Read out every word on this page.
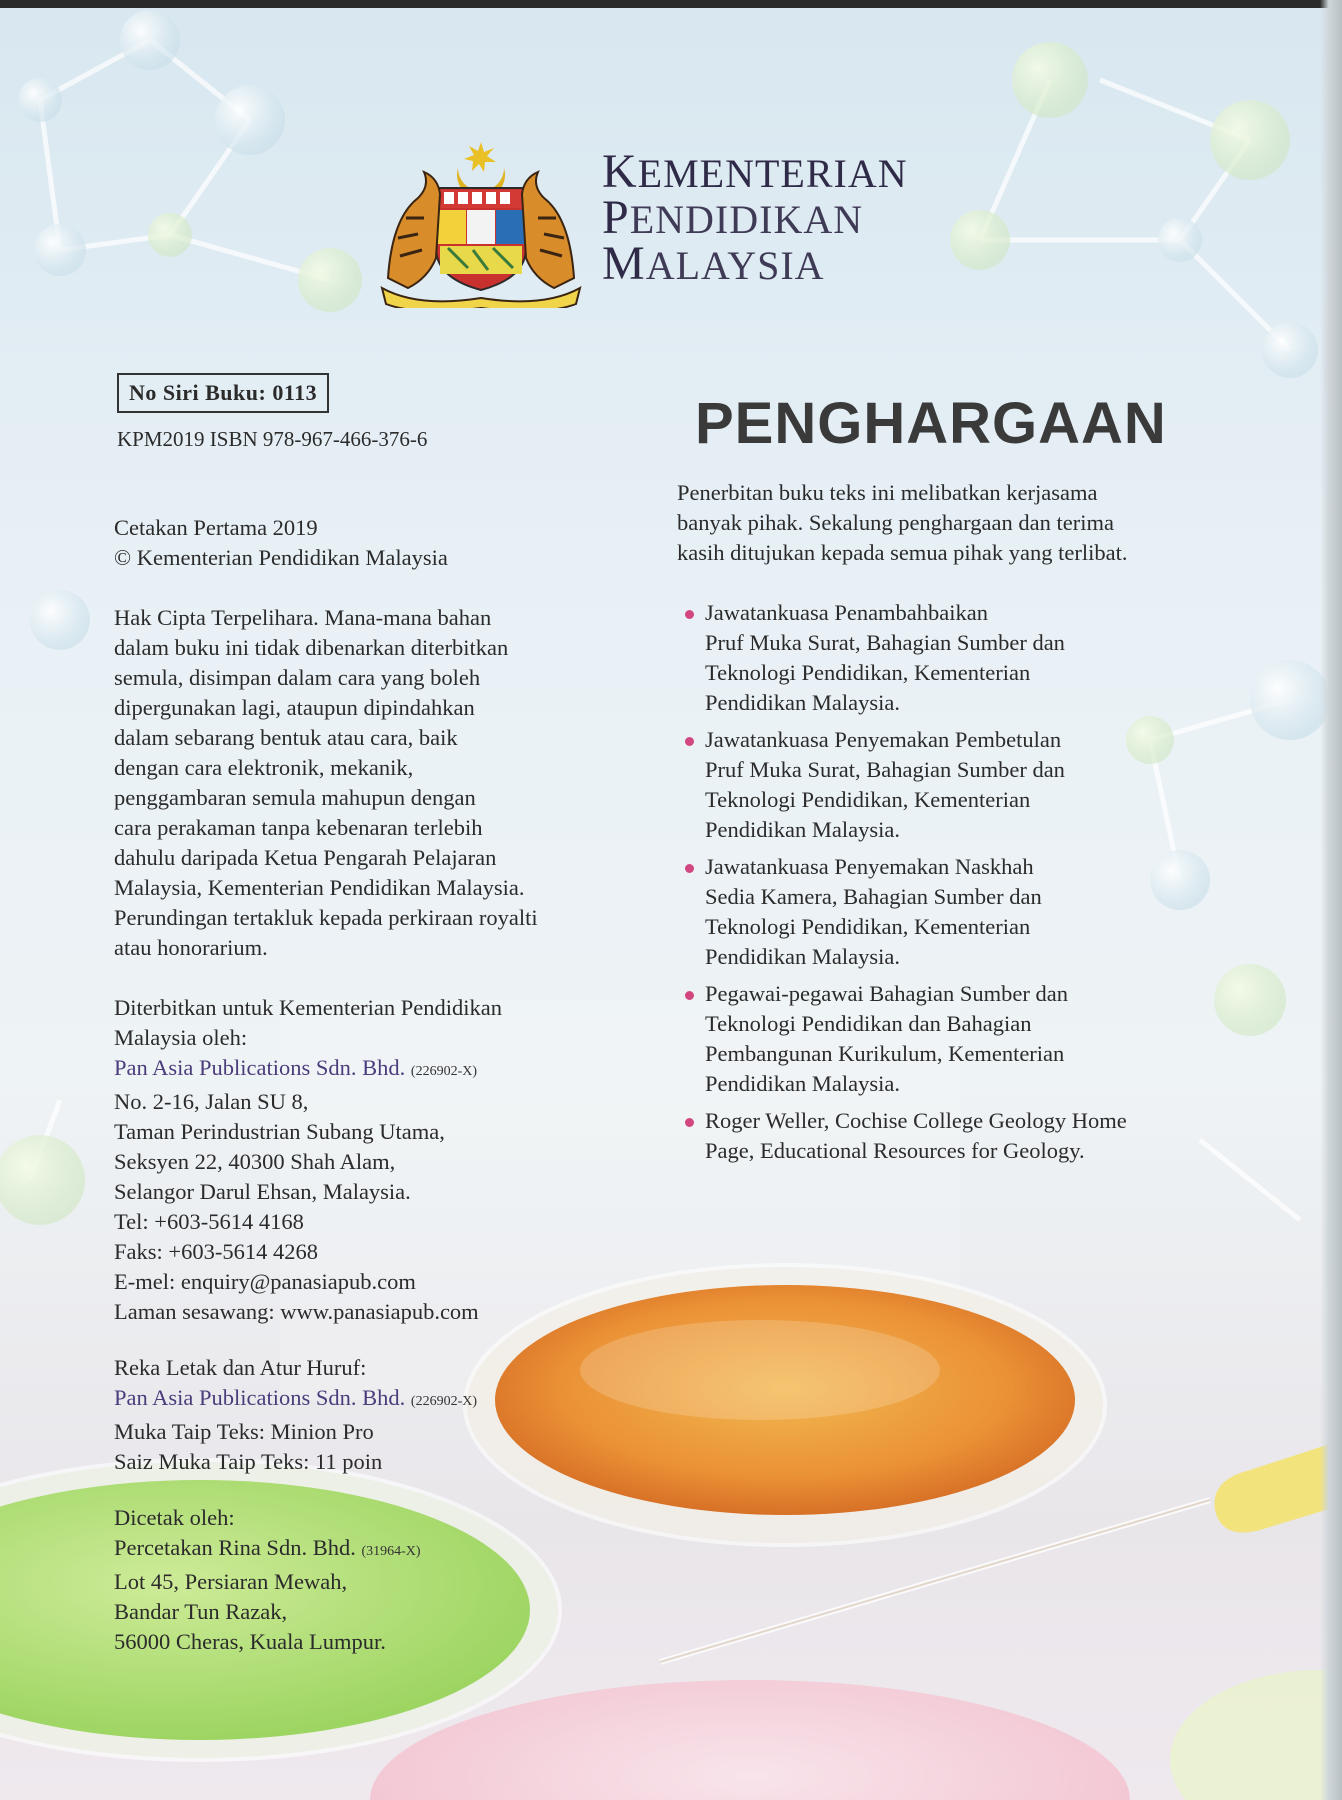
KEMENTERIAN
PENDIDIKAN
MALAYSIA
No Siri Buku: 0113
KPM2019 ISBN 978-967-466-376-6
Cetakan Pertama 2019
© Kementerian Pendidikan Malaysia
Hak Cipta Terpelihara. Mana-mana bahan
dalam buku ini tidak dibenarkan diterbitkan
semula, disimpan dalam cara yang boleh
dipergunakan lagi, ataupun dipindahkan
dalam sebarang bentuk atau cara, baik
dengan cara elektronik, mekanik,
penggambaran semula mahupun dengan
cara perakaman tanpa kebenaran terlebih
dahulu daripada Ketua Pengarah Pelajaran
Malaysia, Kementerian Pendidikan Malaysia.
Perundingan tertakluk kepada perkiraan royalti
atau honorarium.
Diterbitkan untuk Kementerian Pendidikan
Malaysia oleh:
Pan Asia Publications Sdn. Bhd. (226902-X)
No. 2-16, Jalan SU 8,
Taman Perindustrian Subang Utama,
Seksyen 22, 40300 Shah Alam,
Selangor Darul Ehsan, Malaysia.
Tel: +603-5614 4168
Faks: +603-5614 4268
E-mel: enquiry@panasiapub.com
Laman sesawang: www.panasiapub.com
Reka Letak dan Atur Huruf:
Pan Asia Publications Sdn. Bhd. (226902-X)
Muka Taip Teks: Minion Pro
Saiz Muka Taip Teks: 11 poin
Dicetak oleh:
Percetakan Rina Sdn. Bhd. (31964-X)
Lot 45, Persiaran Mewah,
Bandar Tun Razak,
56000 Cheras, Kuala Lumpur.
PENGHARGAAN
Penerbitan buku teks ini melibatkan kerjasama
banyak pihak. Sekalung penghargaan dan terima
kasih ditujukan kepada semua pihak yang terlibat.
Jawatankuasa Penambahbaikan
Pruf Muka Surat, Bahagian Sumber dan
Teknologi Pendidikan, Kementerian
Pendidikan Malaysia.
Jawatankuasa Penyemakan Pembetulan
Pruf Muka Surat, Bahagian Sumber dan
Teknologi Pendidikan, Kementerian
Pendidikan Malaysia.
Jawatankuasa Penyemakan Naskhah
Sedia Kamera, Bahagian Sumber dan
Teknologi Pendidikan, Kementerian
Pendidikan Malaysia.
Pegawai-pegawai Bahagian Sumber dan
Teknologi Pendidikan dan Bahagian
Pembangunan Kurikulum, Kementerian
Pendidikan Malaysia.
Roger Weller, Cochise College Geology Home
Page, Educational Resources for Geology.
